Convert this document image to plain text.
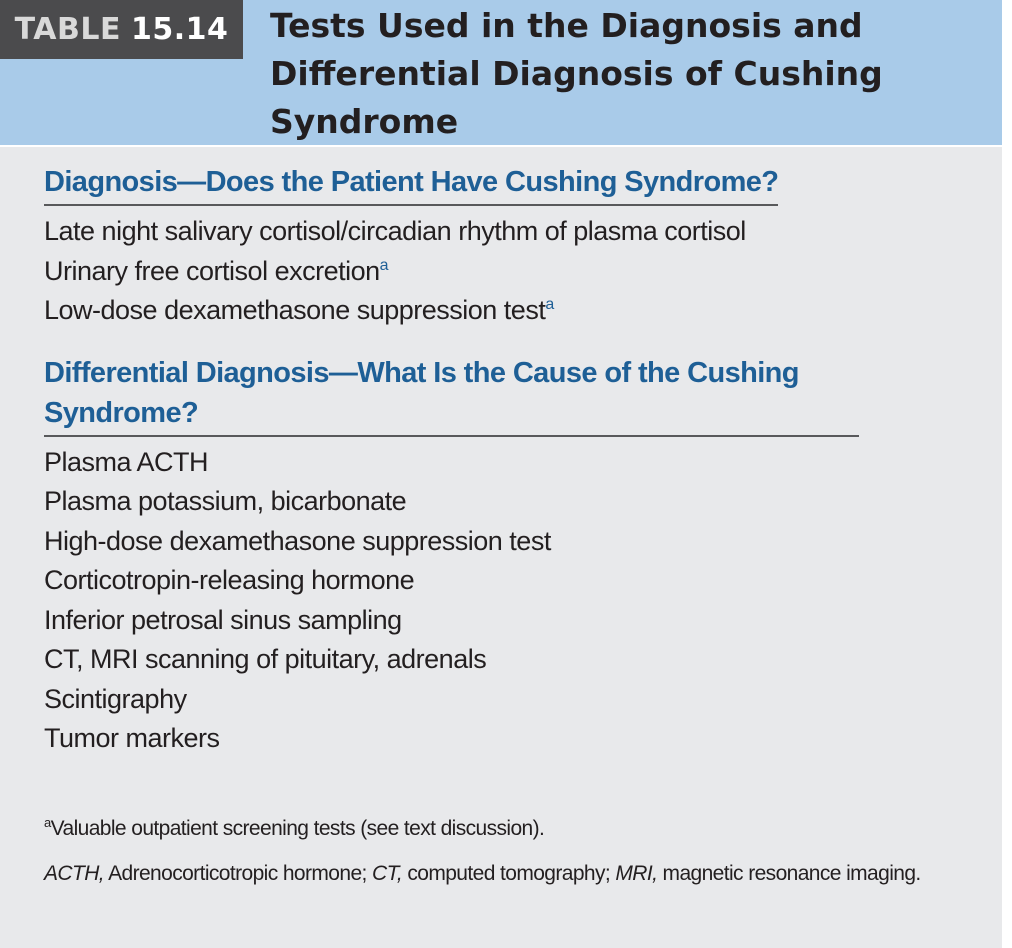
TABLE 15.14 Tests Used in the Diagnosis and Differential Diagnosis of Cushing Syndrome
Diagnosis—Does the Patient Have Cushing Syndrome?
Late night salivary cortisol/circadian rhythm of plasma cortisol
Urinary free cortisol excretion$^a$
Low-dose dexamethasone suppression test$^a$
Differential Diagnosis—What Is the Cause of the Cushing Syndrome?
Plasma ACTH
Plasma potassium, bicarbonate
High-dose dexamethasone suppression test
Corticotropin-releasing hormone
Inferior petrosal sinus sampling
CT, MRI scanning of pituitary, adrenals
Scintigraphy
Tumor markers

$^a$Valuable outpatient screening tests (see text discussion).

ACTH, Adrenocorticotropic hormone; CT, computed tomography; MRI, magnetic resonance imaging.
